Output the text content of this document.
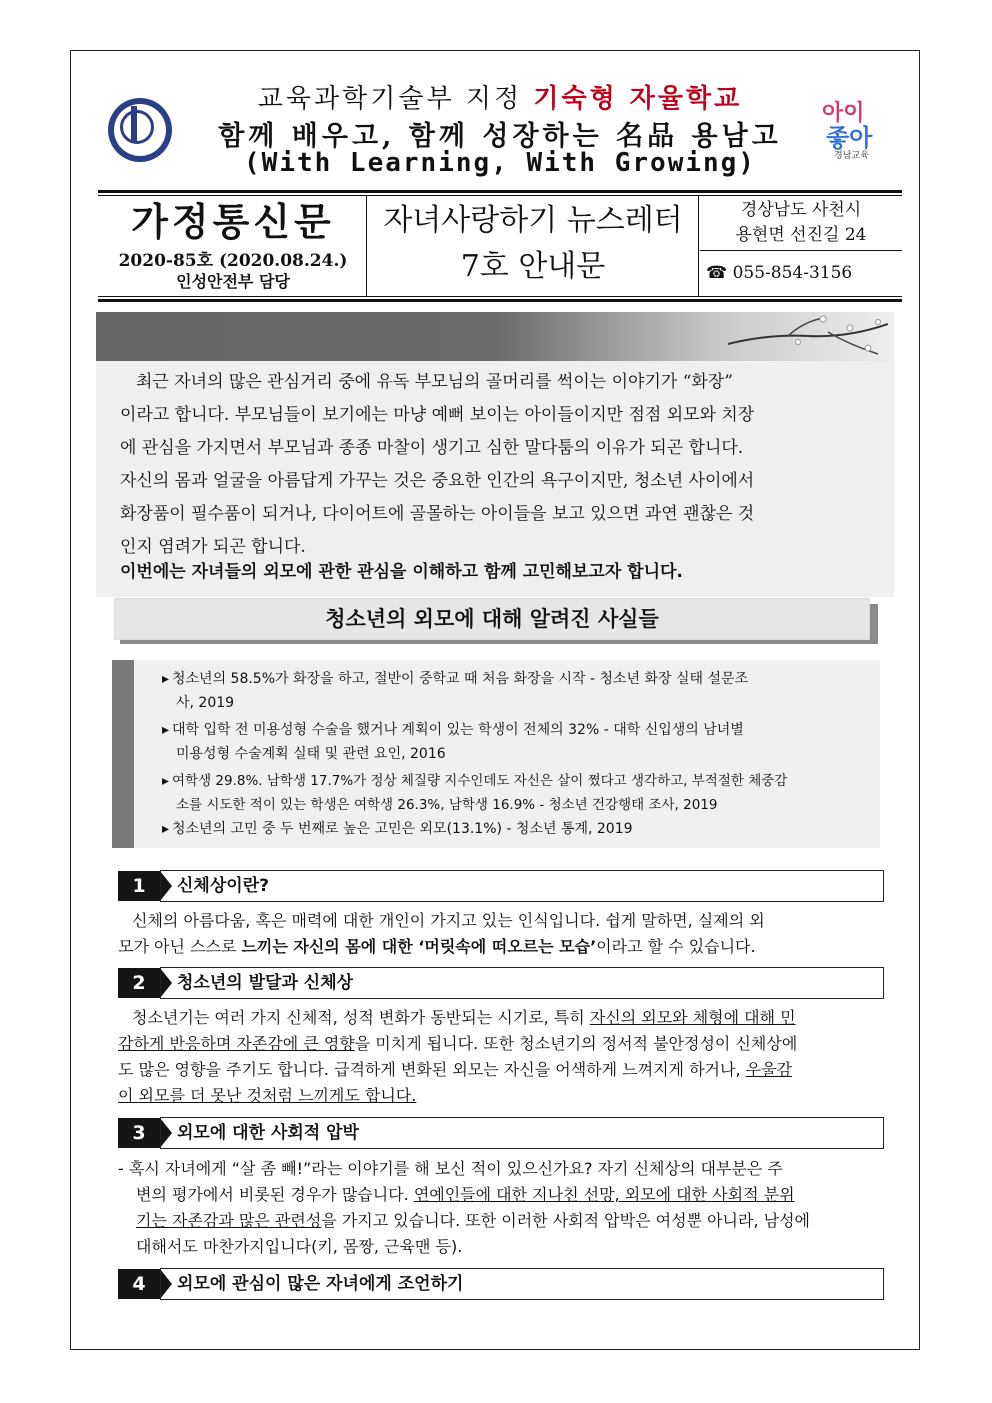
교육과학기술부 지정 기숙형 자율학교
함께 배우고, 함께 성장하는 名品 용남고
(With Learning, With Growing)
아이
좋아
경남교육
가정통신문
2020-85호 (2020.08.24.)
인성안전부 담당
자녀사랑하기 뉴스레터
7호 안내문
경상남도 사천시
용현면 선진길 24
☎ 055-854-3156
최근 자녀의 많은 관심거리 중에 유독 부모님의 골머리를 썩이는 이야기가 “화장”
이라고 합니다. 부모님들이 보기에는 마냥 예뻐 보이는 아이들이지만 점점 외모와 치장
에 관심을 가지면서 부모님과 종종 마찰이 생기고 심한 말다툼의 이유가 되곤 합니다.
자신의 몸과 얼굴을 아름답게 가꾸는 것은 중요한 인간의 욕구이지만, 청소년 사이에서
화장품이 필수품이 되거나, 다이어트에 골몰하는 아이들을 보고 있으면 과연 괜찮은 것
인지 염려가 되곤 합니다.
이번에는 자녀들의 외모에 관한 관심을 이해하고 함께 고민해보고자 합니다.
청소년의 외모에 대해 알려진 사실들
▸ 청소년의 58.5%가 화장을 하고, 절반이 중학교 때 처음 화장을 시작 - 청소년 화장 실태 설문조
사, 2019
▸ 대학 입학 전 미용성형 수술을 했거나 계획이 있는 학생이 전체의 32% - 대학 신입생의 남녀별
미용성형 수술계획 실태 및 관련 요인, 2016
▸ 여학생 29.8%. 남학생 17.7%가 정상 체질량 지수인데도 자신은 살이 쪘다고 생각하고, 부적절한 체중감
소를 시도한 적이 있는 학생은 여학생 26.3%, 남학생 16.9% - 청소년 건강행태 조사, 2019
▸ 청소년의 고민 중 두 번째로 높은 고민은 외모(13.1%) - 청소년 통계, 2019
1	신체상이란?
신체의 아름다움, 혹은 매력에 대한 개인이 가지고 있는 인식입니다. 쉽게 말하면, 실제의 외
모가 아닌 스스로 느끼는 자신의 몸에 대한 ‘머릿속에 떠오르는 모습’이라고 할 수 있습니다.
2	청소년의 발달과 신체상
청소년기는 여러 가지 신체적, 성적 변화가 동반되는 시기로, 특히 자신의 외모와 체형에 대해 민
감하게 반응하며 자존감에 큰 영향을 미치게 됩니다. 또한 청소년기의 정서적 불안정성이 신체상에
도 많은 영향을 주기도 합니다. 급격하게 변화된 외모는 자신을 어색하게 느껴지게 하거나, 우울감
이 외모를 더 못난 것처럼 느끼게도 합니다.
3	외모에 대한 사회적 압박
- 혹시 자녀에게 “살 좀 빼!”라는 이야기를 해 보신 적이 있으신가요? 자기 신체상의 대부분은 주
변의 평가에서 비롯된 경우가 많습니다. 연예인들에 대한 지나친 선망, 외모에 대한 사회적 분위
기는 자존감과 많은 관련성을 가지고 있습니다. 또한 이러한 사회적 압박은 여성뿐 아니라, 남성에
대해서도 마찬가지입니다(키, 몸짱, 근육맨 등).
4	외모에 관심이 많은 자녀에게 조언하기
